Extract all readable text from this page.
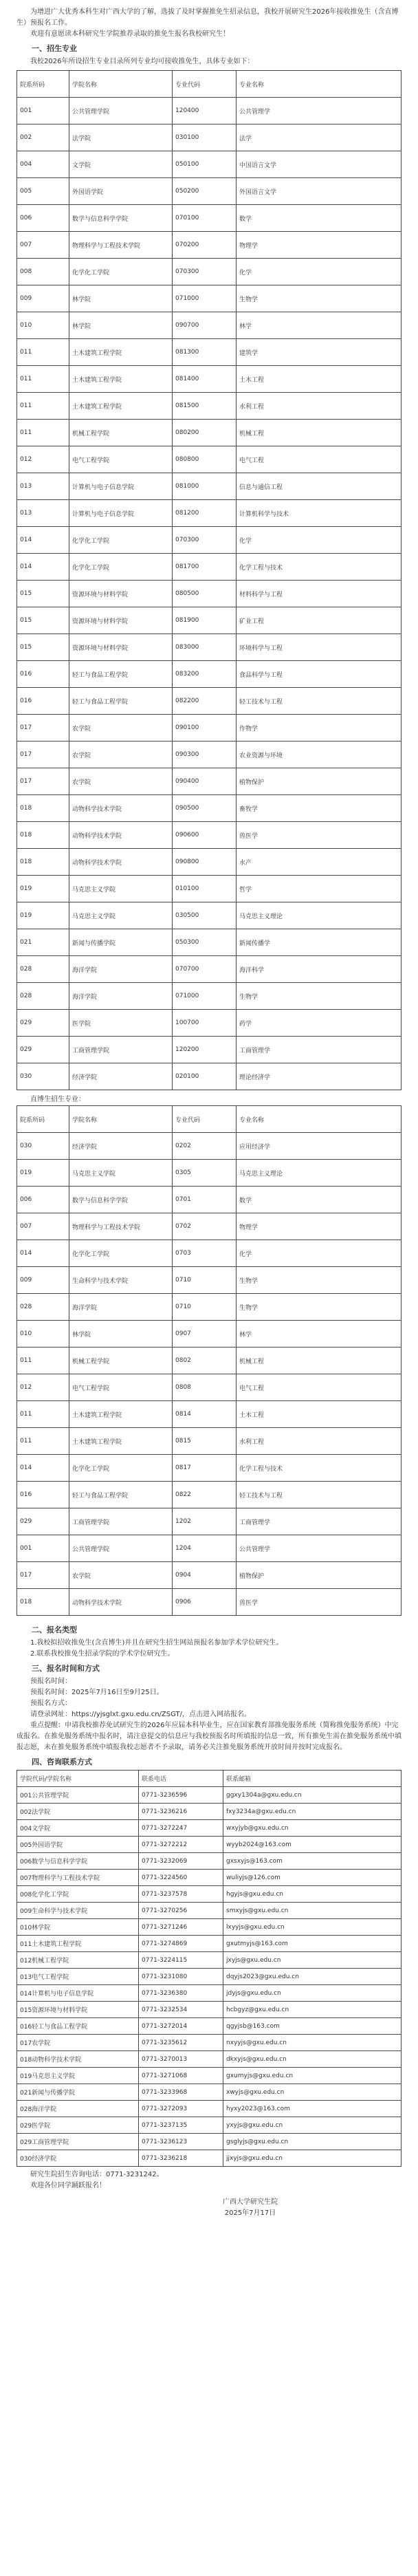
为增进广大优秀本科生对广西大学的了解，选拔了及时掌握推免生招录信息，我校开展研究生2026年接收推免生（含直博生）预报名工作。

欢迎有意愿读本科研究生学院推荐录取的推免生报名我校研究生！

一、招生专业

我校2026年所设招生专业目录所列专业均可接收推免生，具体专业如下：

院系所码	学院名称	专业代码	专业名称
001	公共管理学院	120400	公共管理学
002	法学院	030100	法学
004	文学院	050100	中国语言文学
005	外国语学院	050200	外国语言文学
006	数学与信息科学学院	070100	数学
007	物理科学与工程技术学院	070200	物理学
008	化学化工学院	070300	化学
009	林学院	071000	生物学
010	林学院	090700	林学
011	土木建筑工程学院	081300	建筑学
011	土木建筑工程学院	081400	土木工程
011	土木建筑工程学院	081500	水利工程
011	机械工程学院	080200	机械工程
012	电气工程学院	080800	电气工程
013	计算机与电子信息学院	081000	信息与通信工程
013	计算机与电子信息学院	081200	计算机科学与技术
014	化学化工学院	070300	化学
014	化学化工学院	081700	化学工程与技术
015	资源环境与材料学院	080500	材料科学与工程
015	资源环境与材料学院	081900	矿业工程
015	资源环境与材料学院	083000	环境科学与工程
016	轻工与食品工程学院	083200	食品科学与工程
016	轻工与食品工程学院	082200	轻工技术与工程
017	农学院	090100	作物学
017	农学院	090300	农业资源与环境
017	农学院	090400	植物保护
018	动物科学技术学院	090500	畜牧学
018	动物科学技术学院	090600	兽医学
018	动物科学技术学院	090800	水产
019	马克思主义学院	010100	哲学
019	马克思主义学院	030500	马克思主义理论
021	新闻与传播学院	050300	新闻传播学
028	海洋学院	070700	海洋科学
028	海洋学院	071000	生物学
029	医学院	100700	药学
029	工商管理学院	120200	工商管理学
030	经济学院	020100	理论经济学

直博生招生专业：

院系所码	学院名称	专业代码	专业名称
030	经济学院	0202	应用经济学
019	马克思主义学院	0305	马克思主义理论
006	数学与信息科学学院	0701	数学
007	物理科学与工程技术学院	0702	物理学
014	化学化工学院	0703	化学
009	生命科学与技术学院	0710	生物学
028	海洋学院	0710	生物学
010	林学院	0907	林学
011	机械工程学院	0802	机械工程
012	电气工程学院	0808	电气工程
011	土木建筑工程学院	0814	土木工程
011	土木建筑工程学院	0815	水利工程
014	化学化工学院	0817	化学工程与技术
016	轻工与食品工程学院	0822	轻工技术与工程
029	工商管理学院	1202	工商管理学
001	公共管理学院	1204	公共管理学
017	农学院	0904	植物保护
018	动物科学技术学院	0906	兽医学
二、报名类型

1.我校拟招收推免生(含直博生)并且在研究生招生网站预报名参加学术学位研究生。

2.联系我校推免生招录学院的学术学位研究生。

三、报名时间和方式

预报名时间：

预报名时间：2025年7月16日至9月25日。

预报名方式：

请登录网址：https://yjsglxt.gxu.edu.cn/ZSGT/，点击进入网站报名。

重点提醒：申请我校推荐免试研究生的2026年应届本科毕业生，应在国家教育部推免服务系统（简称推免服务系统）中完成报名。在推免服务系统中报名时，请注意提交的信息应与我校预报名时所填报的信息一致，所有推免生需在推免服务系统中填报志愿，未在推免服务系统中填报我校志愿者不予录取，请务必关注推免服务系统开放时间并按时完成报名。

四、咨询联系方式
学院代码/学院名称	联系电话	联系邮箱
001公共管理学院	0771-3236596	ggxy1304a@gxu.edu.cn
002法学院	0771-3236216	fxy3234a@gxu.edu.cn
004文学院	0771-3272247	wxyjyb@gxu.edu.cn
005外国语学院	0771-3272212	wyyb2024@163.com
006数学与信息科学学院	0771-3232069	gxsxyjs@163.com
007物理科学与工程技术学院	0771-3224560	wuliyjs@126.com
008化学化工学院	0771-3237578	hgyjs@gxu.edu.cn
009生命科学与技术学院	0771-3270256	smxyjs@gxu.edu.cn
010林学院	0771-3271246	lxyyjs@gxu.edu.cn
011土木建筑工程学院	0771-3274869	gxutmyjs@163.com
012机械工程学院	0771-3224115	jxyjs@gxu.edu.cn
013电气工程学院	0771-3231080	dqyjs2023@gxu.edu.cn
014计算机与电子信息学院	0771-3236380	jdyjs@gxu.edu.cn
015资源环境与材料学院	0771-3232534	hcbgyz@gxu.edu.cn
016轻工与食品工程学院	0771-3272014	qgyjsb@163.com
017农学院	0771-3235612	nxyyjs@gxu.edu.cn
018动物科学技术学院	0771-3270013	dkxyjs@gxu.edu.cn
019马克思主义学院	0771-3271068	gxumyjs@gxu.edu.cn
021新闻与传播学院	0771-3233968	xwyjs@gxu.edu.cn
028海洋学院	0771-3272093	hyxy2023@163.com
029医学院	0771-3237135	yxyjs@gxu.edu.cn
029工商管理学院	0771-3236123	gsglyjs@gxu.edu.cn
030经济学院	0771-3236218	jjxyjs@gxu.edu.cn

研究生院招生咨询电话：0771-3231242。

欢迎各位同学踊跃报名！

广西大学研究生院

2025年7月17日
